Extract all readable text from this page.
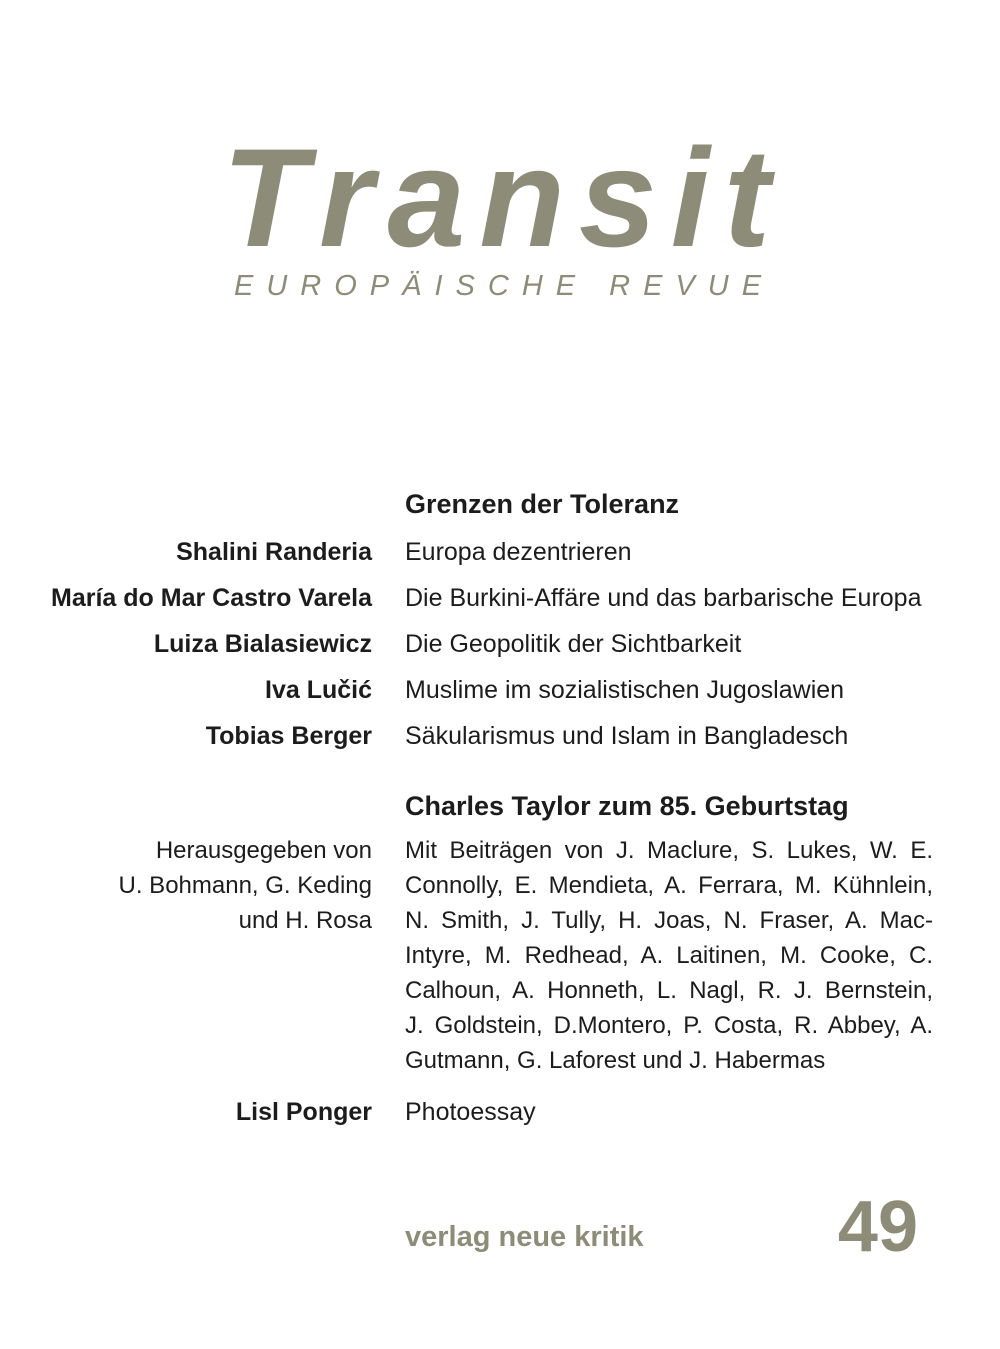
Transit
EUROPÄISCHE REVUE
Grenzen der Toleranz
Shalini Randeria Europa dezentrieren
María do Mar Castro Varela Die Burkini-Affäre und das barbarische Europa
Luiza Bialasiewicz Die Geopolitik der Sichtbarkeit
Iva Lučić Muslime im sozialistischen Jugoslawien
Tobias Berger Säkularismus und Islam in Bangladesch
Charles Taylor zum 85. Geburtstag
Herausgegeben von
U. Bohmann, G. Keding
und H. Rosa
Mit Beiträgen von J. Maclure, S. Lukes, W. E.
Connolly, E. Mendieta, A. Ferrara, M. Kühnlein,
N. Smith, J. Tully, H. Joas, N. Fraser, A. Mac-
Intyre, M. Redhead, A. Laitinen, M. Cooke, C.
Calhoun, A. Honneth, L. Nagl, R. J. Bernstein,
J. Goldstein, D.Montero, P. Costa, R. Abbey, A.
Gutmann, G. Laforest und J. Habermas
Lisl Ponger Photoessay
verlag neue kritik	49
